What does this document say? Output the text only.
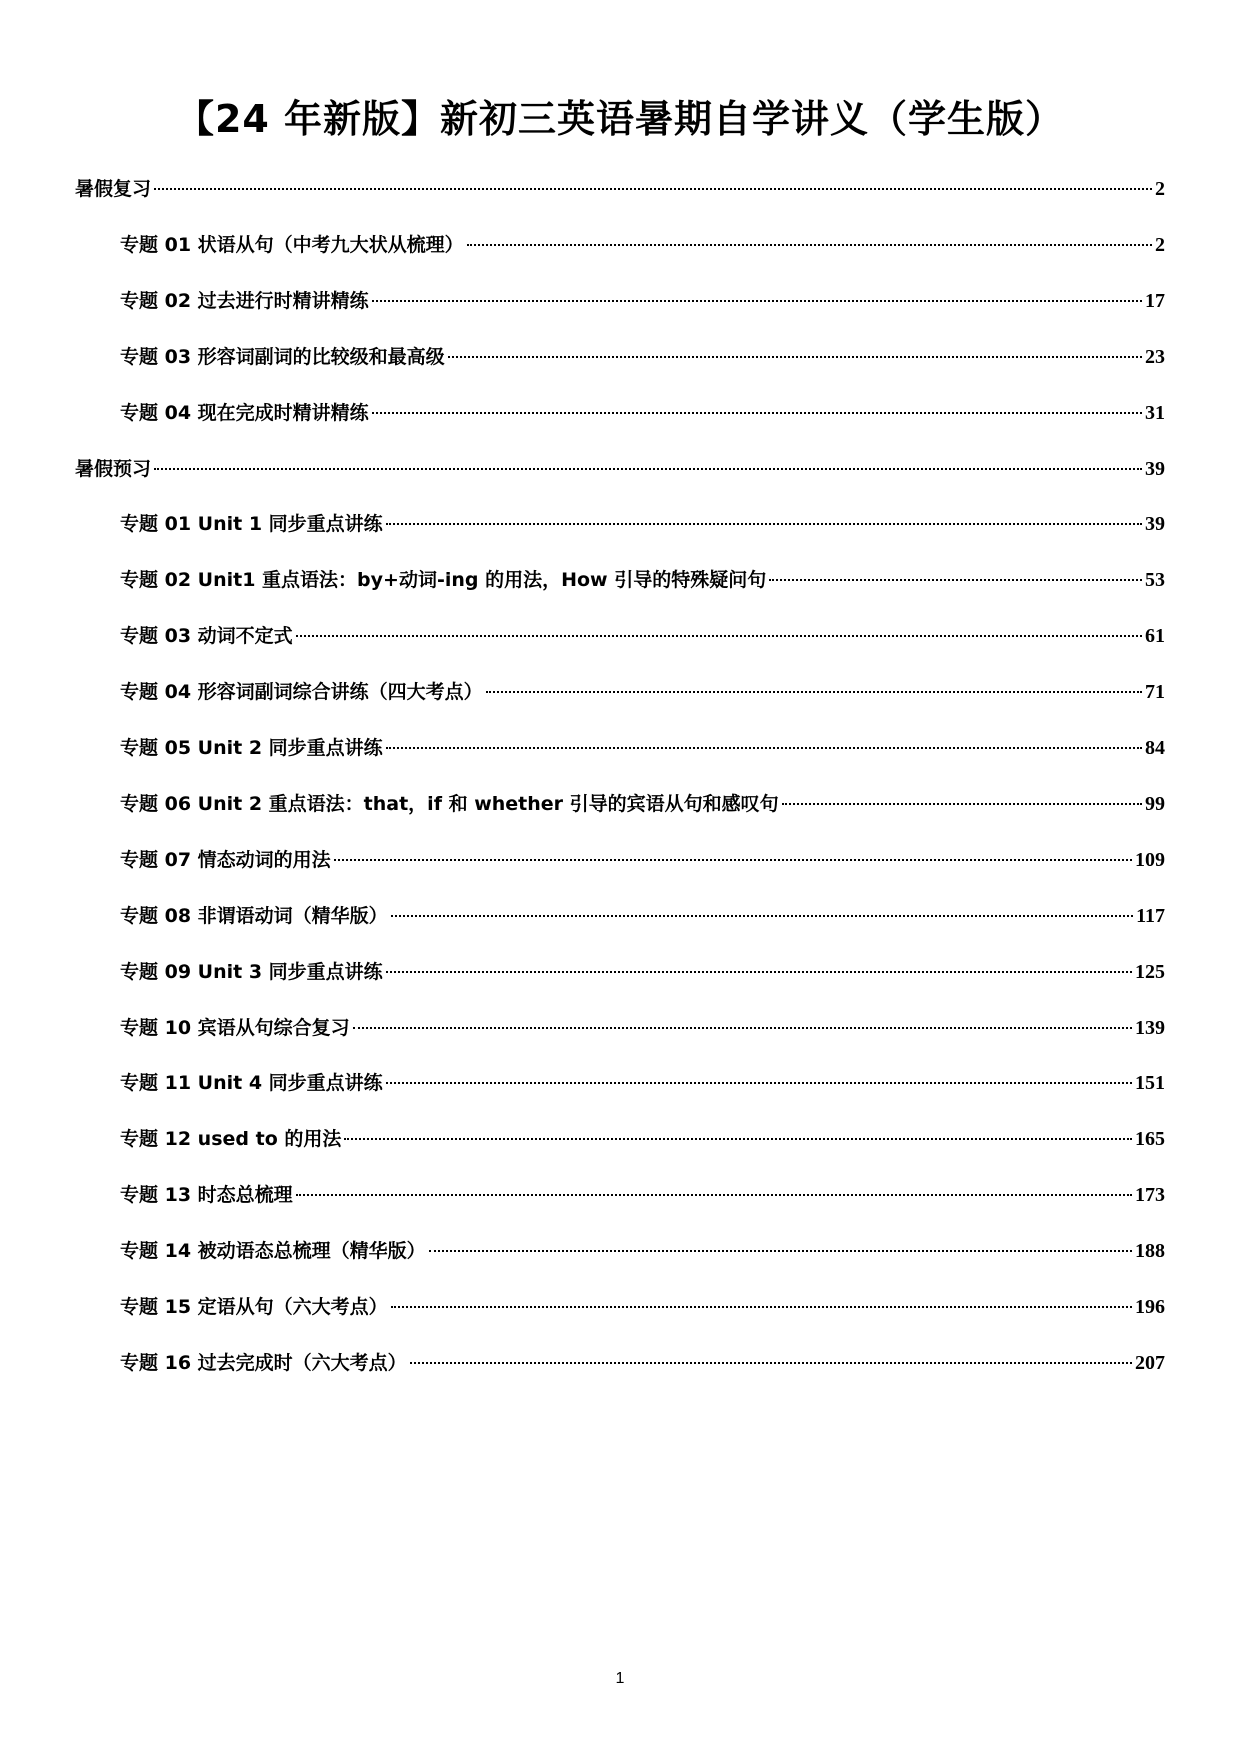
【24 年新版】新初三英语暑期自学讲义（学生版）
暑假复习	2
专题 01 状语从句（中考九大状从梳理）	2
专题 02 过去进行时精讲精练	17
专题 03 形容词副词的比较级和最高级	23
专题 04 现在完成时精讲精练	31
暑假预习	39
专题 01 Unit 1 同步重点讲练	39
专题 02 Unit1 重点语法：by+动词-ing 的用法，How 引导的特殊疑问句	53
专题 03 动词不定式	61
专题 04 形容词副词综合讲练（四大考点）	71
专题 05 Unit 2 同步重点讲练	84
专题 06 Unit 2 重点语法：that，if 和 whether 引导的宾语从句和感叹句	99
专题 07 情态动词的用法	109
专题 08 非谓语动词（精华版）	117
专题 09 Unit 3 同步重点讲练	125
专题 10 宾语从句综合复习	139
专题 11 Unit 4 同步重点讲练	151
专题 12 used to 的用法	165
专题 13 时态总梳理	173
专题 14 被动语态总梳理（精华版）	188
专题 15 定语从句（六大考点）	196
专题 16 过去完成时（六大考点）	207
1
